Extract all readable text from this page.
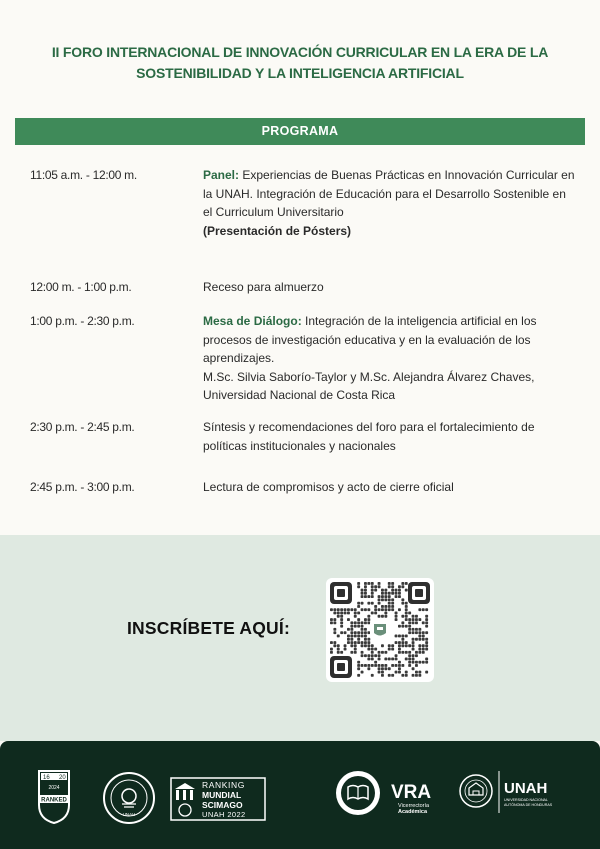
II FORO INTERNACIONAL DE INNOVACIÓN CURRICULAR EN LA ERA DE LA
SOSTENIBILIDAD Y LA INTELIGENCIA ARTIFICIAL
PROGRAMA
11:05 a.m. - 12:00 m.	Panel: Experiencias de Buenas Prácticas en Innovación Curricular en la UNAH. Integración de Educación para el Desarrollo Sostenible en el Curriculum Universitario
(Presentación de Pósters)
12:00 m. - 1:00 p.m.	Receso para almuerzo
1:00 p.m. - 2:30 p.m.	Mesa de Diálogo: Integración de la inteligencia artificial en los procesos de investigación educativa y en la evaluación de los aprendizajes.
M.Sc. Silvia Saborío-Taylor y M.Sc. Alejandra Álvarez Chaves, Universidad Nacional de Costa Rica
2:30 p.m. - 2:45 p.m.	Síntesis y recomendaciones del foro para el fortalecimiento de políticas institucionales y nacionales
2:45 p.m. - 3:00 p.m.	Lectura de compromisos y acto de cierre oficial
INSCRÍBETE AQUÍ:
16 20
2024
RANKED
UNAH
RANKING
MUNDIAL
SCIMAGO
UNAH 2022
VRA
Vicerrectoría
Académica
UNAH
UNIVERSIDAD NACIONAL
AUTÓNOMA DE HONDURAS
